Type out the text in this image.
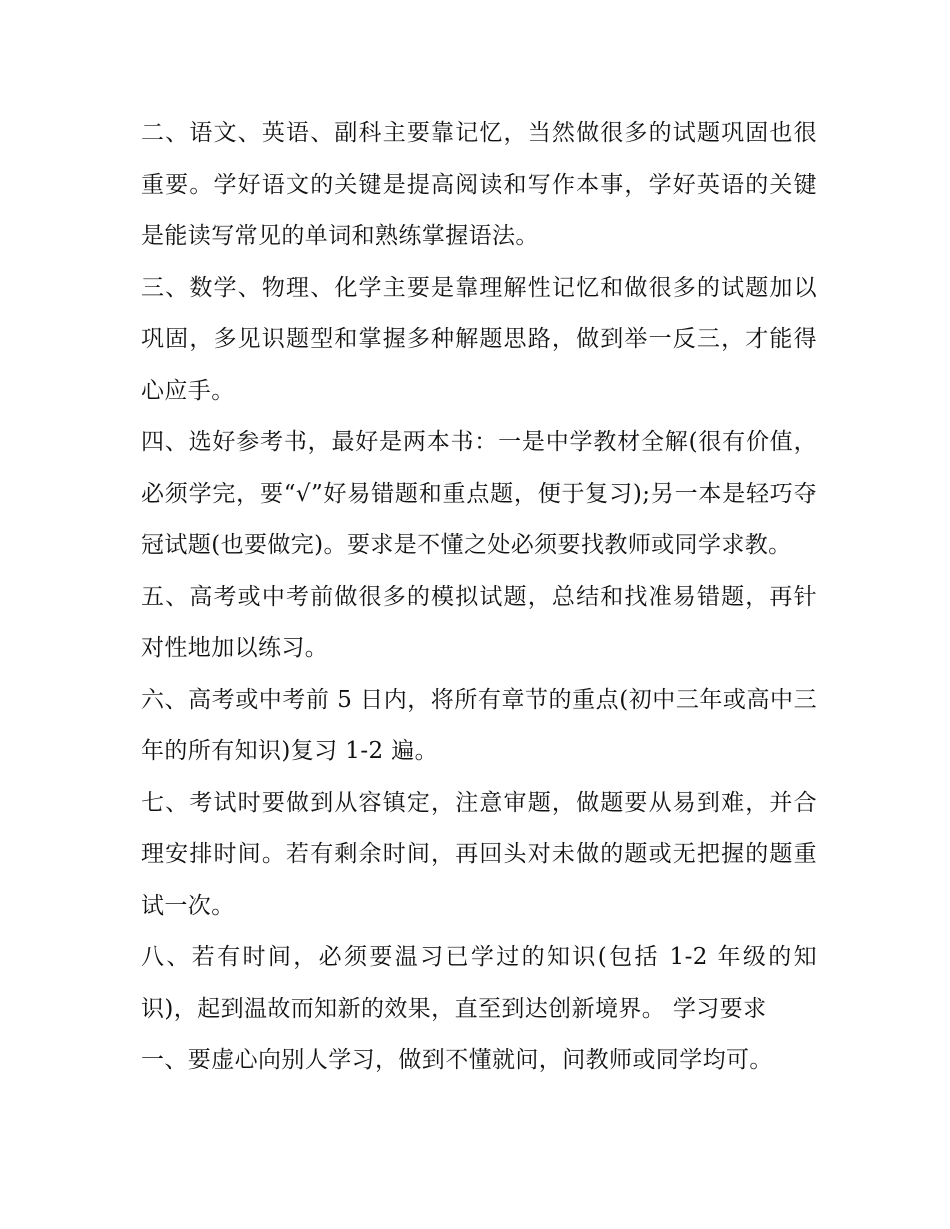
二、语文、英语、副科主要靠记忆，当然做很多的试题巩固也很重要。学好语文的关键是提高阅读和写作本事，学好英语的关键是能读写常见的单词和熟练掌握语法。

三、数学、物理、化学主要是靠理解性记忆和做很多的试题加以巩固，多见识题型和掌握多种解题思路，做到举一反三，才能得心应手。

四、选好参考书，最好是两本书：一是中学教材全解(很有价值，必须学完，要“√”好易错题和重点题，便于复习);另一本是轻巧夺冠试题(也要做完)。要求是不懂之处必须要找教师或同学求教。

五、高考或中考前做很多的模拟试题，总结和找准易错题，再针对性地加以练习。

六、高考或中考前 5 日内，将所有章节的重点(初中三年或高中三年的所有知识)复习 1-2 遍。

七、考试时要做到从容镇定，注意审题，做题要从易到难，并合理安排时间。若有剩余时间，再回头对未做的题或无把握的题重试一次。

八、若有时间，必须要温习已学过的知识(包括 1-2 年级的知识)，起到温故而知新的效果，直至到达创新境界。 学习要求

一、要虚心向别人学习，做到不懂就问，问教师或同学均可。
